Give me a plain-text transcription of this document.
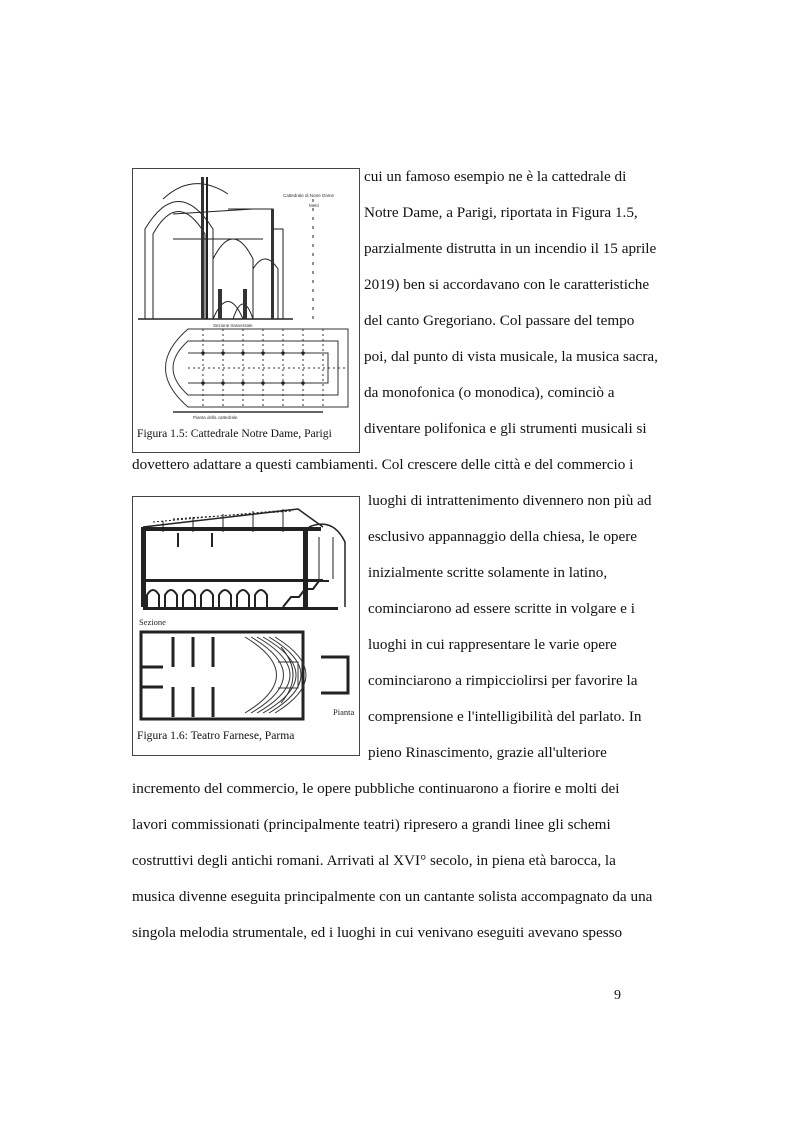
Cattedrale di Notre Dame
Metri
Sezione trasversale
Pianta della cattedrale
Figura 1.5: Cattedrale Notre Dame, Parigi
Sezione
Pianta
Figura 1.6: Teatro Farnese, Parma
cui un famoso esempio ne è la cattedrale di
Notre Dame, a Parigi, riportata in Figura 1.5,
parzialmente distrutta in un incendio il 15 aprile
2019) ben si accordavano con le caratteristiche
del canto Gregoriano. Col passare del tempo
poi, dal punto di vista musicale, la musica sacra,
da monofonica (o monodica), cominciò a
diventare polifonica e gli strumenti musicali si
dovettero adattare a questi cambiamenti. Col crescere delle città e del commercio i
luoghi di intrattenimento divennero non più ad
esclusivo appannaggio della chiesa, le opere
inizialmente scritte solamente in latino,
cominciarono ad essere scritte in volgare e i
luoghi in cui rappresentare le varie opere
cominciarono a rimpicciolirsi per favorire la
comprensione e l'intelligibilità del parlato. In
pieno Rinascimento, grazie all'ulteriore
incremento del commercio, le opere pubbliche continuarono a fiorire e molti dei
lavori commissionati (principalmente teatri) ripresero a grandi linee gli schemi
costruttivi degli antichi romani. Arrivati al XVI° secolo, in piena età barocca, la
musica divenne eseguita principalmente con un cantante solista accompagnato da una
singola melodia strumentale, ed i luoghi in cui venivano eseguiti avevano spesso
9
